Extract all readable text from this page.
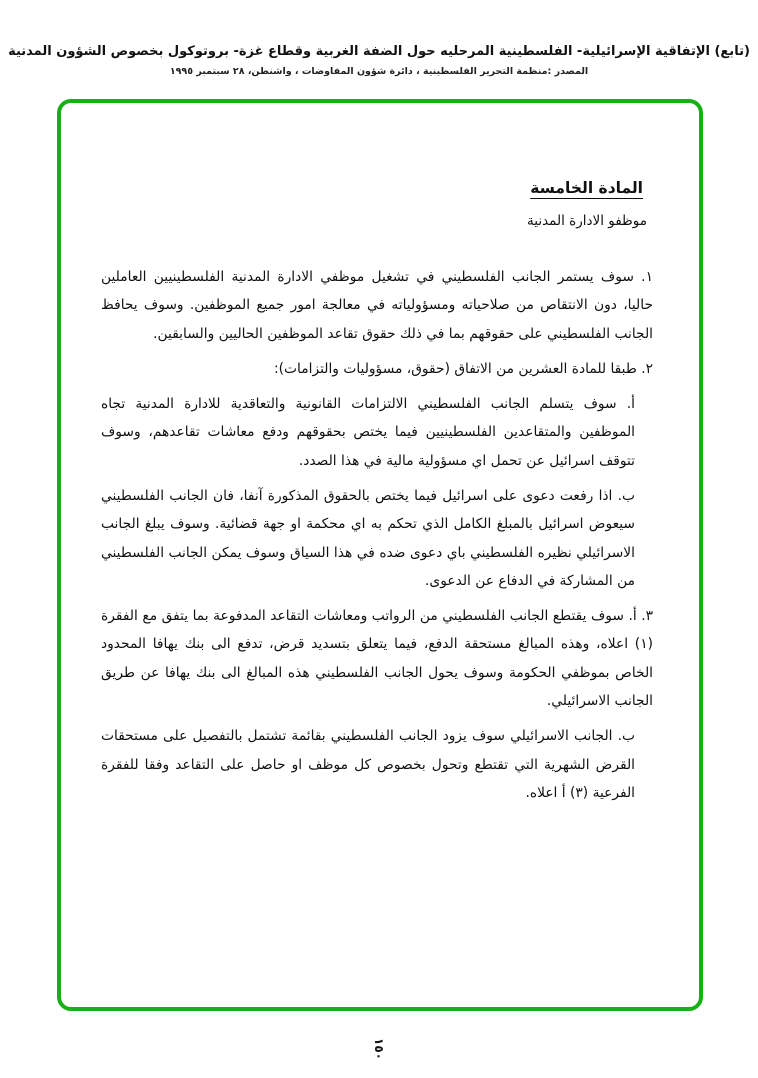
(تابع) الإتفاقية الإسرائيلية- الفلسطينية المرحليه حول الضفة الغربية وقطاع غزة- بروتوكول بخصوص الشؤون المدنية
المصدر :منظمة التحرير الفلسطينية ، دائرة شؤون المفاوضات ، واشنطن، ٢٨ سبتمبر ١٩٩٥
المادة الخامسة
موظفو الادارة المدنية
١. سوف يستمر الجانب الفلسطيني في تشغيل موظفي الادارة المدنية الفلسطينيين العاملين حاليا، دون الانتقاص من صلاحياته ومسؤولياته في معالجة امور جميع الموظفين. وسوف يحافظ الجانب الفلسطيني على حقوقهم بما في ذلك حقوق تقاعد الموظفين الحاليين والسابقين.
٢. طبقا للمادة العشرين من الاتفاق (حقوق، مسؤوليات والتزامات):
أ. سوف يتسلم الجانب الفلسطيني الالتزامات القانونية والتعاقدية للادارة المدنية تجاه الموظفين والمتقاعدين الفلسطينيين فيما يختص بحقوقهم ودفع معاشات تقاعدهم، وسوف تتوقف اسرائيل عن تحمل اي مسؤولية مالية في هذا الصدد.
ب. اذا رفعت دعوى على اسرائيل فيما يختص بالحقوق المذكورة آنفا، فان الجانب الفلسطيني سيعوض اسرائيل بالمبلغ الكامل الذي تحكم به اي محكمة او جهة قضائية. وسوف يبلغ الجانب الاسرائيلي نظيره الفلسطيني باي دعوى ضده في هذا السياق وسوف يمكن الجانب الفلسطيني من المشاركة في الدفاع عن الدعوى.
٣. أ. سوف يقتطع الجانب الفلسطيني من الرواتب ومعاشات التقاعد المدفوعة بما يتفق مع الفقرة (١) اعلاه، وهذه المبالغ مستحقة الدفع، فيما يتعلق بتسديد قرض، تدفع الى بنك يهافا المحدود الخاص بموظفي الحكومة وسوف يحول الجانب الفلسطيني هذه المبالغ الى بنك يهافا عن طريق الجانب الاسرائيلي.
ب. الجانب الاسرائيلي سوف يزود الجانب الفلسطيني بقائمة تشتمل بالتفصيل على مستحقات القرض الشهرية التي تقتطع وتحول بخصوص كل موظف او حاصل على التقاعد وفقا للفقرة الفرعية (٣) أ اعلاه.
١٥٠
